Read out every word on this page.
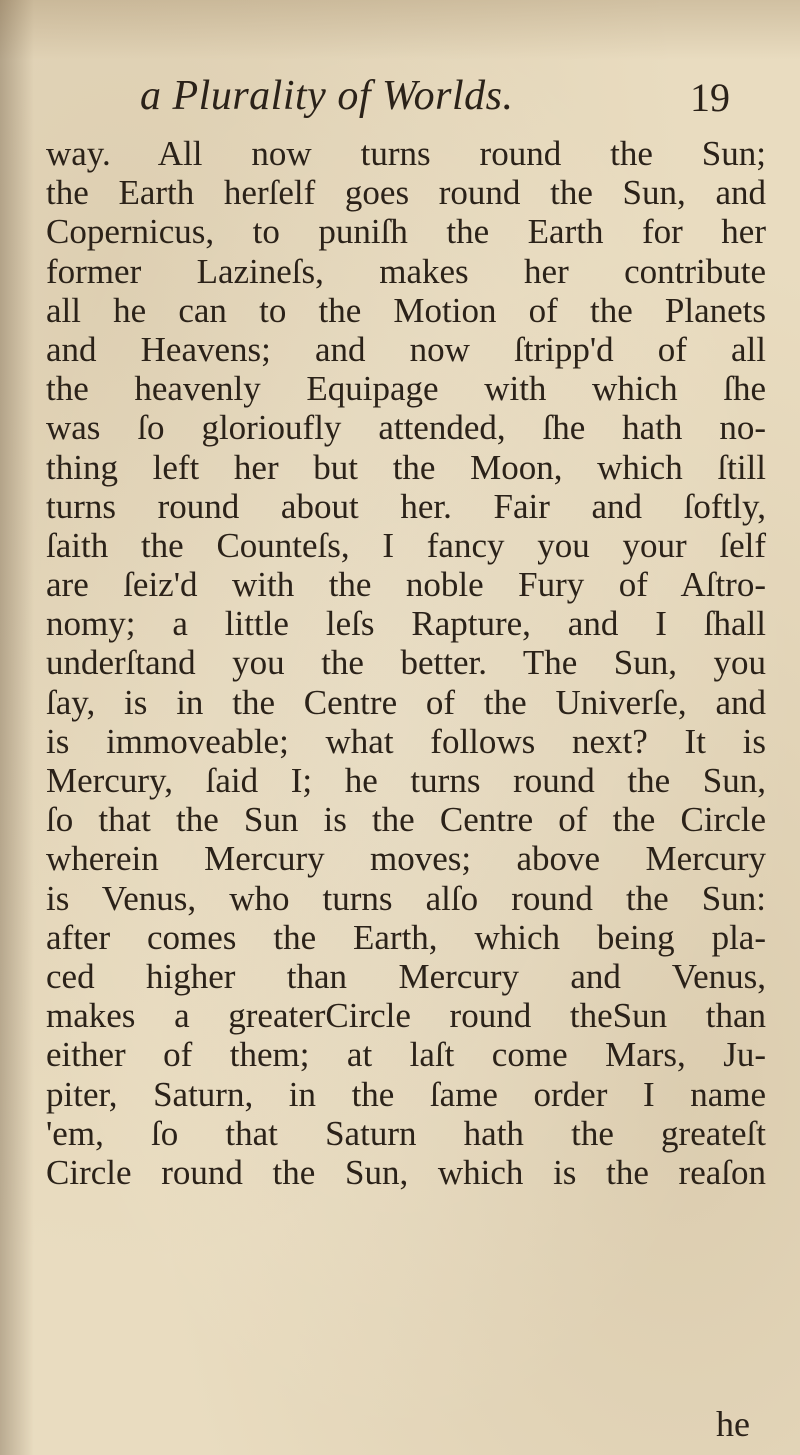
a Plurality of Worlds.	19
way. All now turns round the Sun;
the Earth herſelf goes round the Sun, and
Copernicus, to puniſh the Earth for her
former Lazineſs, makes her contribute
all he can to the Motion of the Planets
and Heavens; and now ſtripp'd of all
the heavenly Equipage with which ſhe
was ſo glorioufly attended, ſhe hath no-
thing left her but the Moon, which ſtill
turns round about her. Fair and ſoftly,
ſaith the Counteſs, I fancy you your ſelf
are ſeiz'd with the noble Fury of Aſtro-
nomy; a little leſs Rapture, and I ſhall
underſtand you the better. The Sun, you
ſay, is in the Centre of the Univerſe, and
is immoveable; what follows next? It is
Mercury, ſaid I; he turns round the Sun,
ſo that the Sun is the Centre of the Circle
wherein Mercury moves; above Mercury
is Venus, who turns alſo round the Sun:
after comes the Earth, which being pla-
ced higher than Mercury and Venus,
makes a greaterCircle round theSun than
either of them; at laſt come Mars, Ju-
piter, Saturn, in the ſame order I name
'em, ſo that Saturn hath the greateſt
Circle round the Sun, which is the reaſon
he
